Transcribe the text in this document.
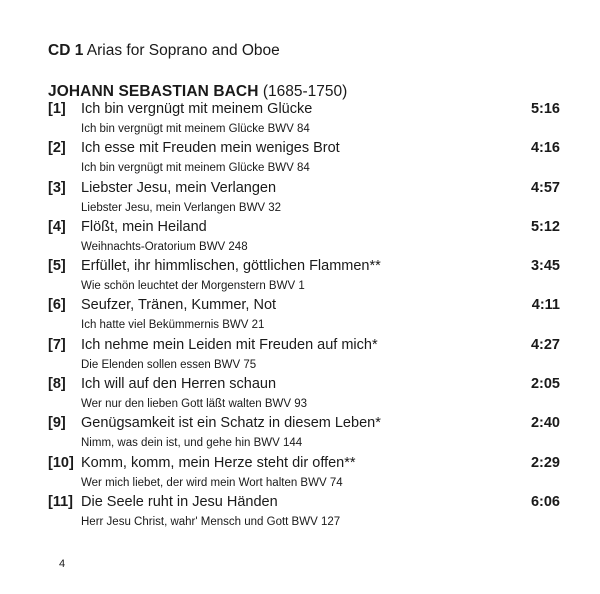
CD 1 Arias for Soprano and Oboe
JOHANN SEBASTIAN BACH (1685-1750)
[1] Ich bin vergnügt mit meinem Glücke	5:16
Ich bin vergnügt mit meinem Glücke BWV 84
[2] Ich esse mit Freuden mein weniges Brot	4:16
Ich bin vergnügt mit meinem Glücke BWV 84
[3] Liebster Jesu, mein Verlangen	4:57
Liebster Jesu, mein Verlangen BWV 32
[4] Flößt, mein Heiland	5:12
Weihnachts-Oratorium BWV 248
[5] Erfüllet, ihr himmlischen, göttlichen Flammen**	3:45
Wie schön leuchtet der Morgenstern BWV 1
[6] Seufzer, Tränen, Kummer, Not	4:11
Ich hatte viel Bekümmernis BWV 21
[7] Ich nehme mein Leiden mit Freuden auf mich*	4:27
Die Elenden sollen essen BWV 75
[8] Ich will auf den Herren schaun	2:05
Wer nur den lieben Gott läßt walten BWV 93
[9] Genügsamkeit ist ein Schatz in diesem Leben*	2:40
Nimm, was dein ist, und gehe hin BWV 144
[10] Komm, komm, mein Herze steht dir offen**	2:29
Wer mich liebet, der wird mein Wort halten BWV 74
[11] Die Seele ruht in Jesu Händen	6:06
Herr Jesu Christ, wahr' Mensch und Gott BWV 127
4
